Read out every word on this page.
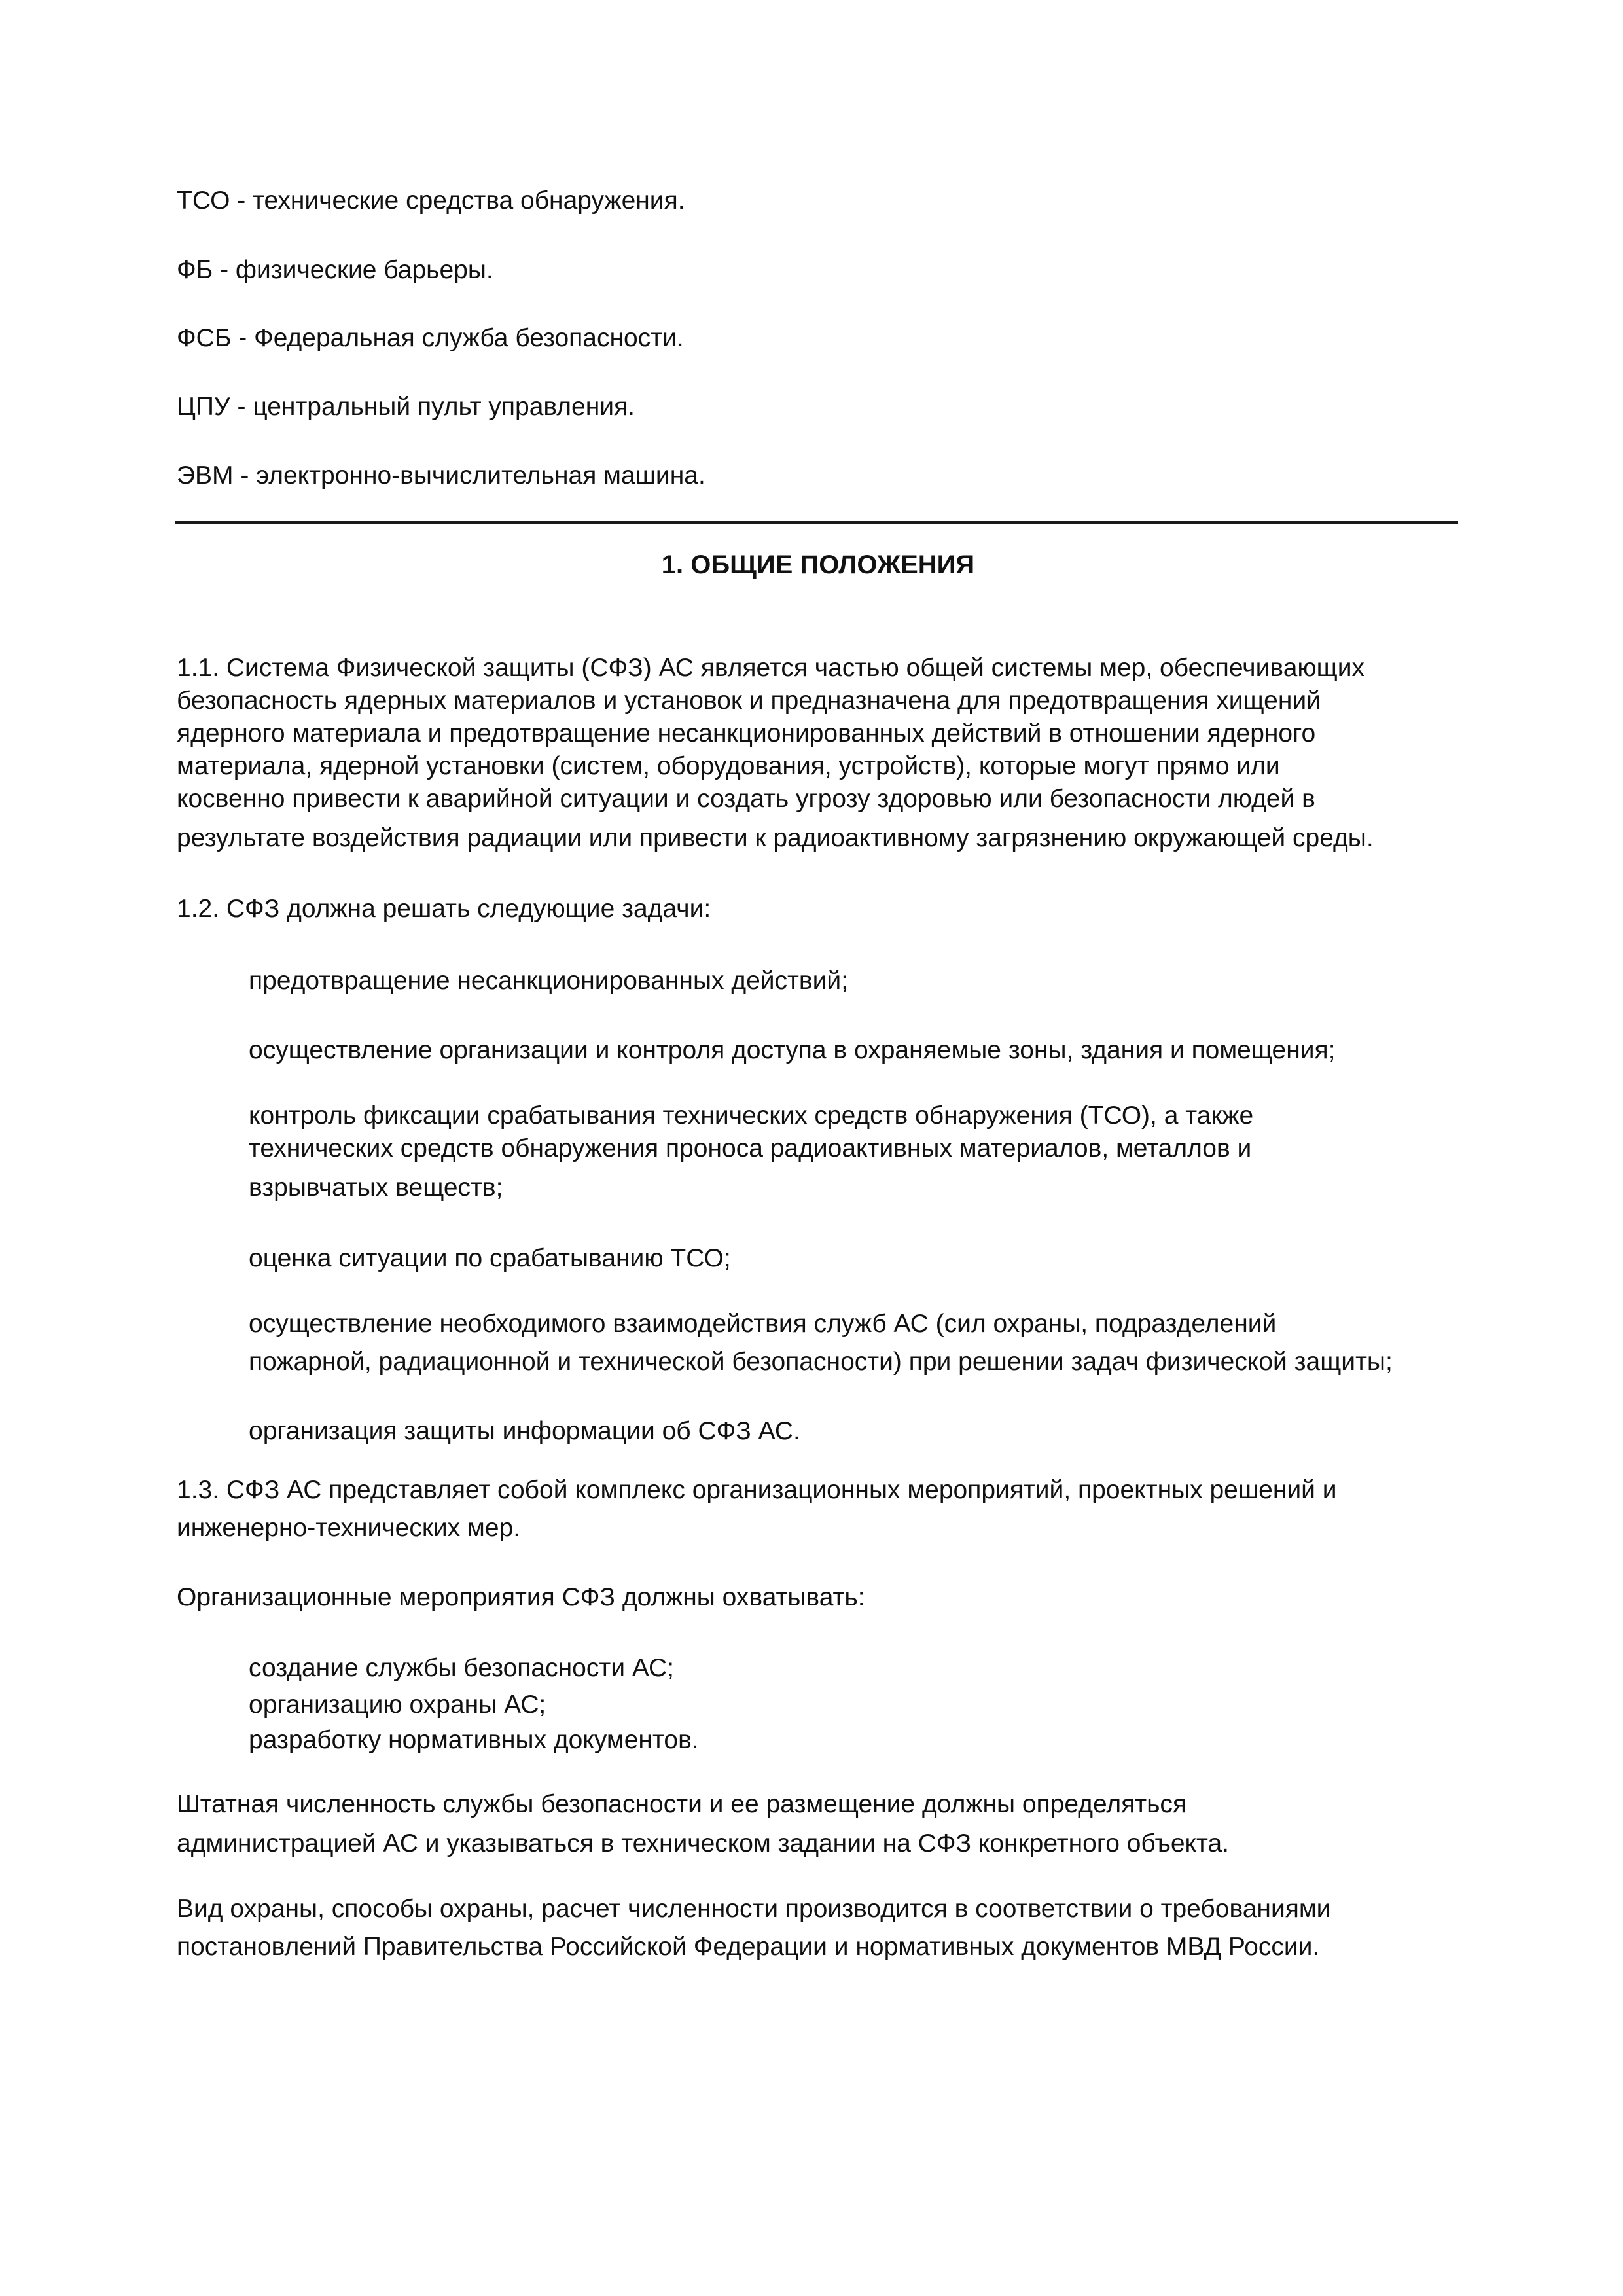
ТСО - технические средства обнаружения.
ФБ - физические барьеры.
ФСБ - Федеральная служба безопасности.
ЦПУ - центральный пульт управления.
ЭВМ - электронно-вычислительная машина.
1. ОБЩИЕ ПОЛОЖЕНИЯ
1.1. Система Физической защиты (СФЗ) АС является частью общей системы мер, обеспечивающих
безопасность ядерных материалов и установок и предназначена для предотвращения хищений
ядерного материала и предотвращение несанкционированных действий в отношении ядерного
материала, ядерной установки (систем, оборудования, устройств), которые могут прямо или
косвенно привести к аварийной ситуации и создать угрозу здоровью или безопасности людей в
результате воздействия радиации или привести к радиоактивному загрязнению окружающей среды.
1.2. СФЗ должна решать следующие задачи:
предотвращение несанкционированных действий;
осуществление организации и контроля доступа в охраняемые зоны, здания и помещения;
контроль фиксации срабатывания технических средств обнаружения (ТСО), а также
технических средств обнаружения проноса радиоактивных материалов, металлов и
взрывчатых веществ;
оценка ситуации по срабатыванию ТСО;
осуществление необходимого взаимодействия служб АС (сил охраны, подразделений
пожарной, радиационной и технической безопасности) при решении задач физической защиты;
организация защиты информации об СФЗ АС.
1.3. СФЗ АС представляет собой комплекс организационных мероприятий, проектных решений и
инженерно-технических мер.
Организационные мероприятия СФЗ должны охватывать:
создание службы безопасности АС;
организацию охраны АС;
разработку нормативных документов.
Штатная численность службы безопасности и ее размещение должны определяться
администрацией АС и указываться в техническом задании на СФЗ конкретного объекта.
Вид охраны, способы охраны, расчет численности производится в соответствии о требованиями
постановлений Правительства Российской Федерации и нормативных документов МВД России.
